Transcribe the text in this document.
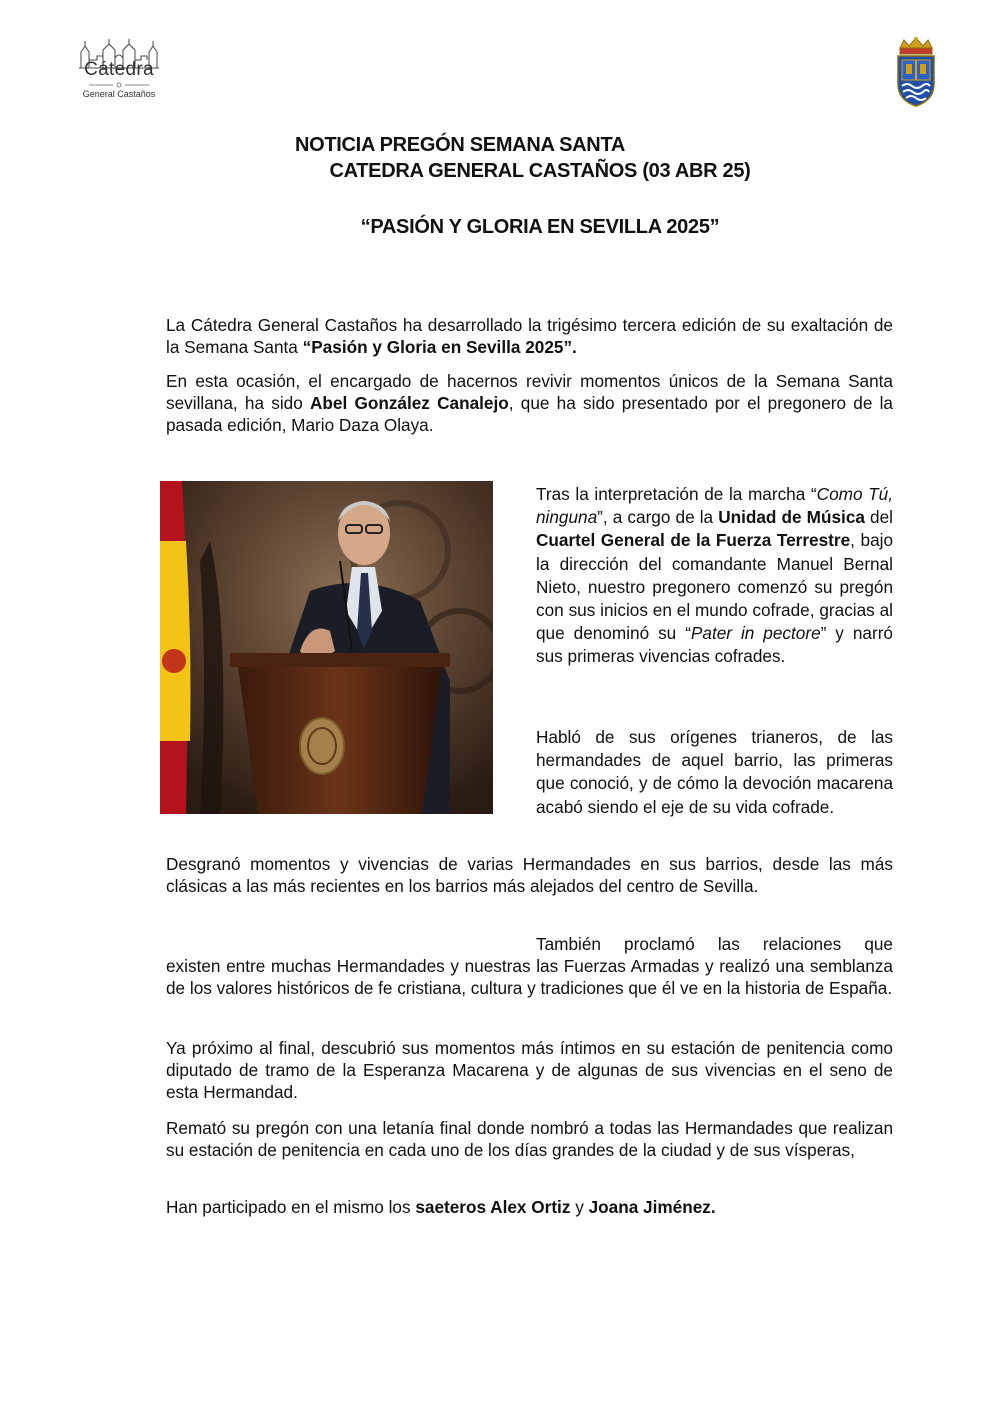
Cátedra
General Castaños
NOTICIA PREGÓN SEMANA SANTA
CATEDRA GENERAL CASTAÑOS (03 ABR 25)
“PASIÓN Y GLORIA EN SEVILLA 2025”
La Cátedra General Castaños ha desarrollado la trigésimo tercera edición de su exaltación de la Semana Santa “Pasión y Gloria en Sevilla 2025”.
En esta ocasión, el encargado de hacernos revivir momentos únicos de la Semana Santa sevillana, ha sido Abel González Canalejo, que ha sido presentado por el pregonero de la pasada edición, Mario Daza Olaya.
Tras la interpretación de la marcha “Como Tú, ninguna”, a cargo de la Unidad de Música del Cuartel General de la Fuerza Terrestre, bajo la dirección del comandante Manuel Bernal Nieto, nuestro pregonero comenzó su pregón con sus inicios en el mundo cofrade, gracias al que denominó su “Pater in pectore” y narró sus primeras vivencias cofrades.
Habló de sus orígenes trianeros, de las hermandades de aquel barrio, las primeras que conoció, y de cómo la devoción macarena acabó siendo el eje de su vida cofrade.
Desgranó momentos y vivencias de varias Hermandades en sus barrios, desde las más clásicas a las más recientes en los barrios más alejados del centro de Sevilla.
También proclamó las relaciones que
existen entre muchas Hermandades y nuestras las Fuerzas Armadas y realizó una semblanza de los valores históricos de fe cristiana, cultura y tradiciones que él ve en la historia de España.
Ya próximo al final, descubrió sus momentos más íntimos en su estación de penitencia como diputado de tramo de la Esperanza Macarena y de algunas de sus vivencias en el seno de esta Hermandad.
Remató su pregón con una letanía final donde nombró a todas las Hermandades que realizan su estación de penitencia en cada uno de los días grandes de la ciudad y de sus vísperas,
Han participado en el mismo los saeteros Alex Ortiz y Joana Jiménez.
